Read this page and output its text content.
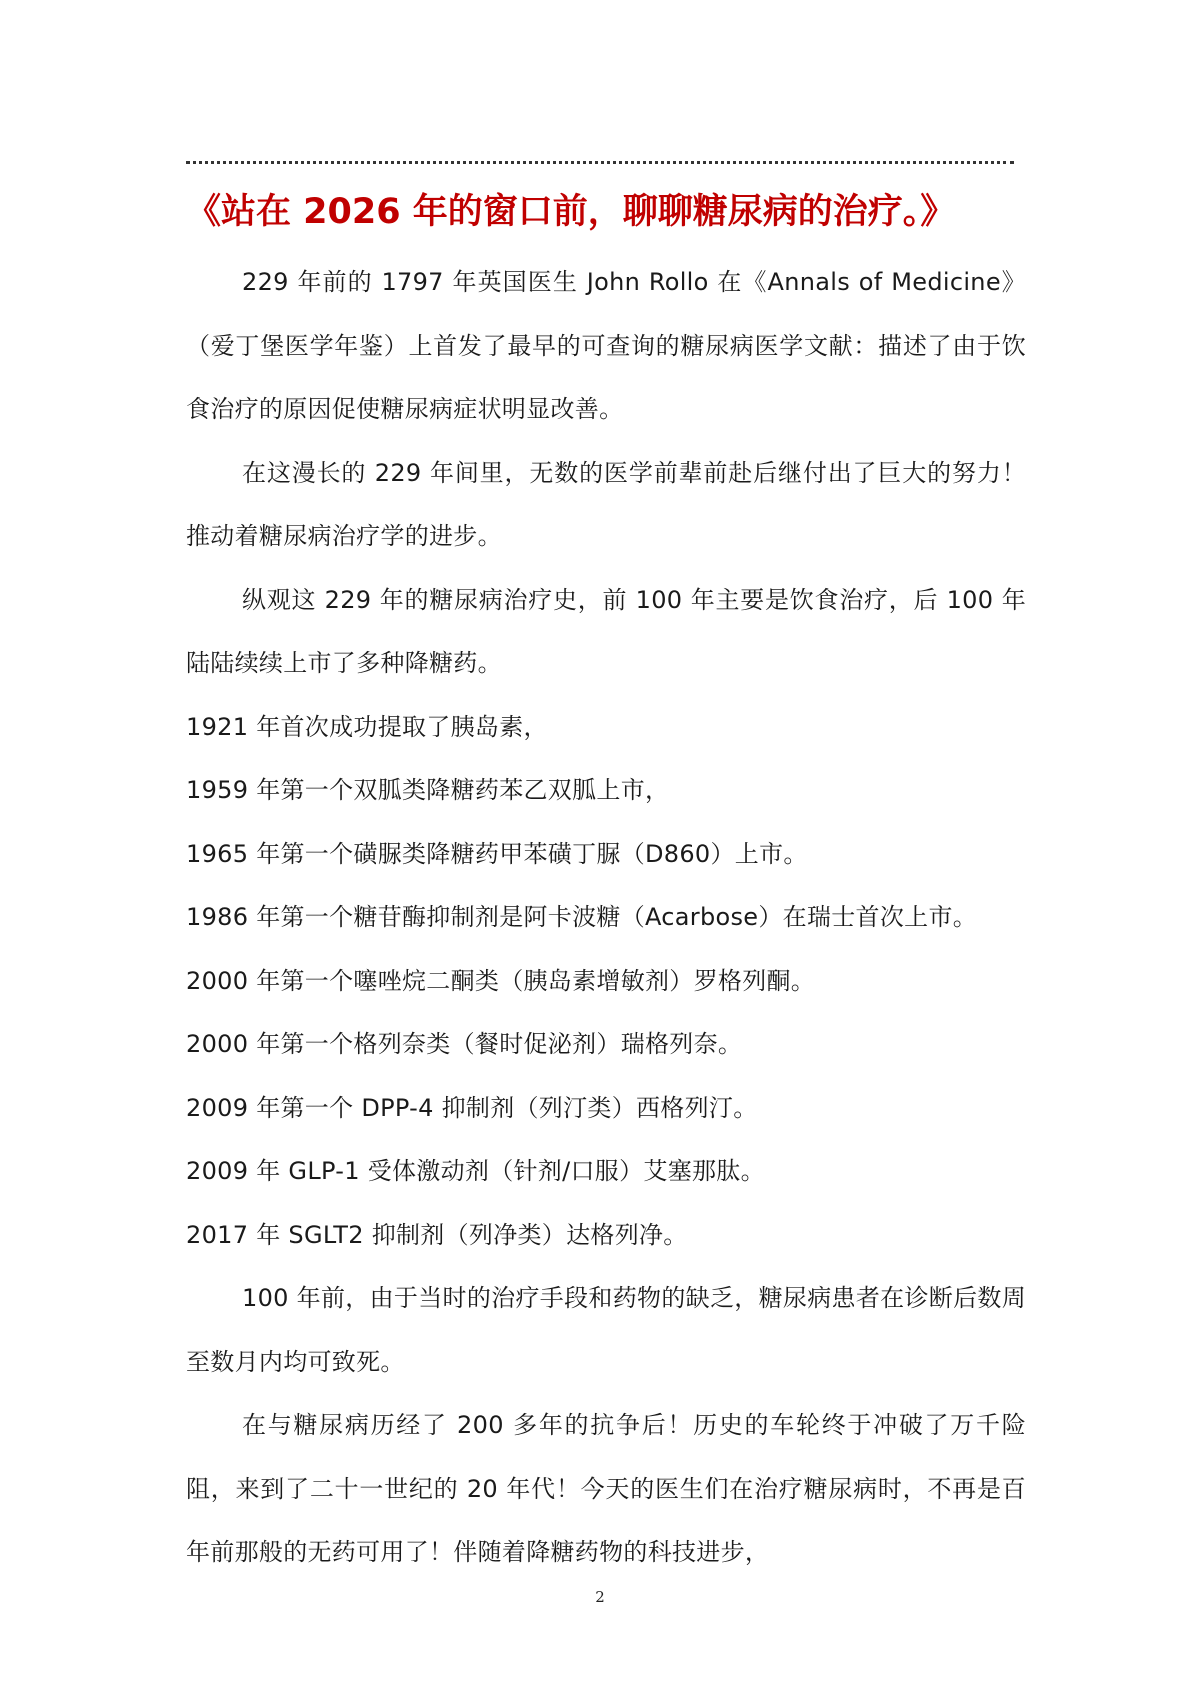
《站在 2026 年的窗口前，聊聊糖尿病的治疗。》

229 年前的 1797 年英国医生 John Rollo 在《Annals of Medicine》（爱丁堡医学年鉴）上首发了最早的可查询的糖尿病医学文献：描述了由于饮食治疗的原因促使糖尿病症状明显改善。

在这漫长的 229 年间里，无数的医学前辈前赴后继付出了巨大的努力！推动着糖尿病治疗学的进步。

纵观这 229 年的糖尿病治疗史，前 100 年主要是饮食治疗，后 100 年陆陆续续上市了多种降糖药。

1921 年首次成功提取了胰岛素，

1959 年第一个双胍类降糖药苯乙双胍上市，

1965 年第一个磺脲类降糖药甲苯磺丁脲（D860）上市。

1986 年第一个糖苷酶抑制剂是阿卡波糖（Acarbose）在瑞士首次上市。

2000 年第一个噻唑烷二酮类（胰岛素增敏剂）罗格列酮。

2000 年第一个格列奈类（餐时促泌剂）瑞格列奈。

2009 年第一个 DPP-4 抑制剂（列汀类）西格列汀。

2009 年 GLP-1 受体激动剂（针剂/口服）艾塞那肽。

2017 年 SGLT2 抑制剂（列净类）达格列净。

100 年前，由于当时的治疗手段和药物的缺乏，糖尿病患者在诊断后数周至数月内均可致死。

在与糖尿病历经了 200 多年的抗争后！历史的车轮终于冲破了万千险阻，来到了二十一世纪的 20 年代！今天的医生们在治疗糖尿病时，不再是百年前那般的无药可用了！伴随着降糖药物的科技进步，

2
